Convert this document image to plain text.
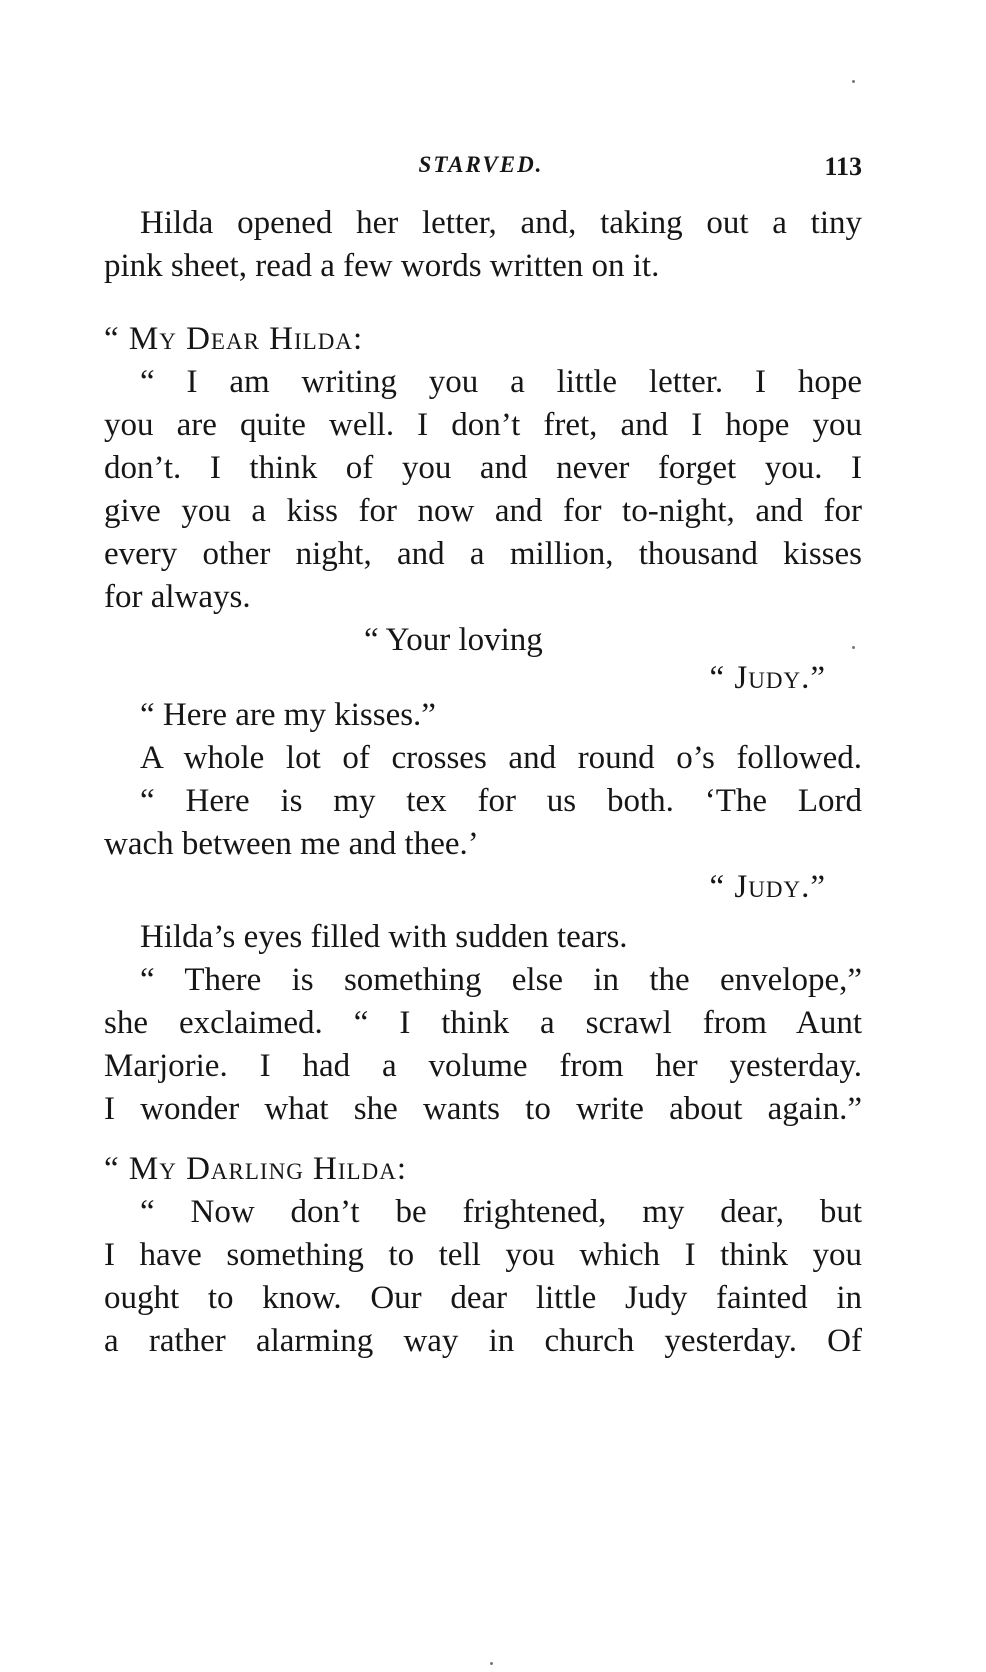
STARVED.	113
Hilda opened her letter, and, taking out a tiny
pink sheet, read a few words written on it.
“ My Dear Hilda:
“ I am writing you a little letter. I hope
you are quite well. I don’t fret, and I hope you
don’t. I think of you and never forget you. I
give you a kiss for now and for to-night, and for
every other night, and a million, thousand kisses
for always.
“ Your loving
“ Judy.”
“ Here are my kisses.”
A whole lot of crosses and round o’s followed.
“ Here is my tex for us both. ‘The Lord
wach between me and thee.’
“ Judy.”
Hilda’s eyes filled with sudden tears.
“ There is something else in the envelope,”
she exclaimed. “ I think a scrawl from Aunt
Marjorie. I had a volume from her yesterday.
I wonder what she wants to write about again.”
“ My Darling Hilda:
“ Now don’t be frightened, my dear, but
I have something to tell you which I think you
ought to know. Our dear little Judy fainted in
a rather alarming way in church yesterday. Of
